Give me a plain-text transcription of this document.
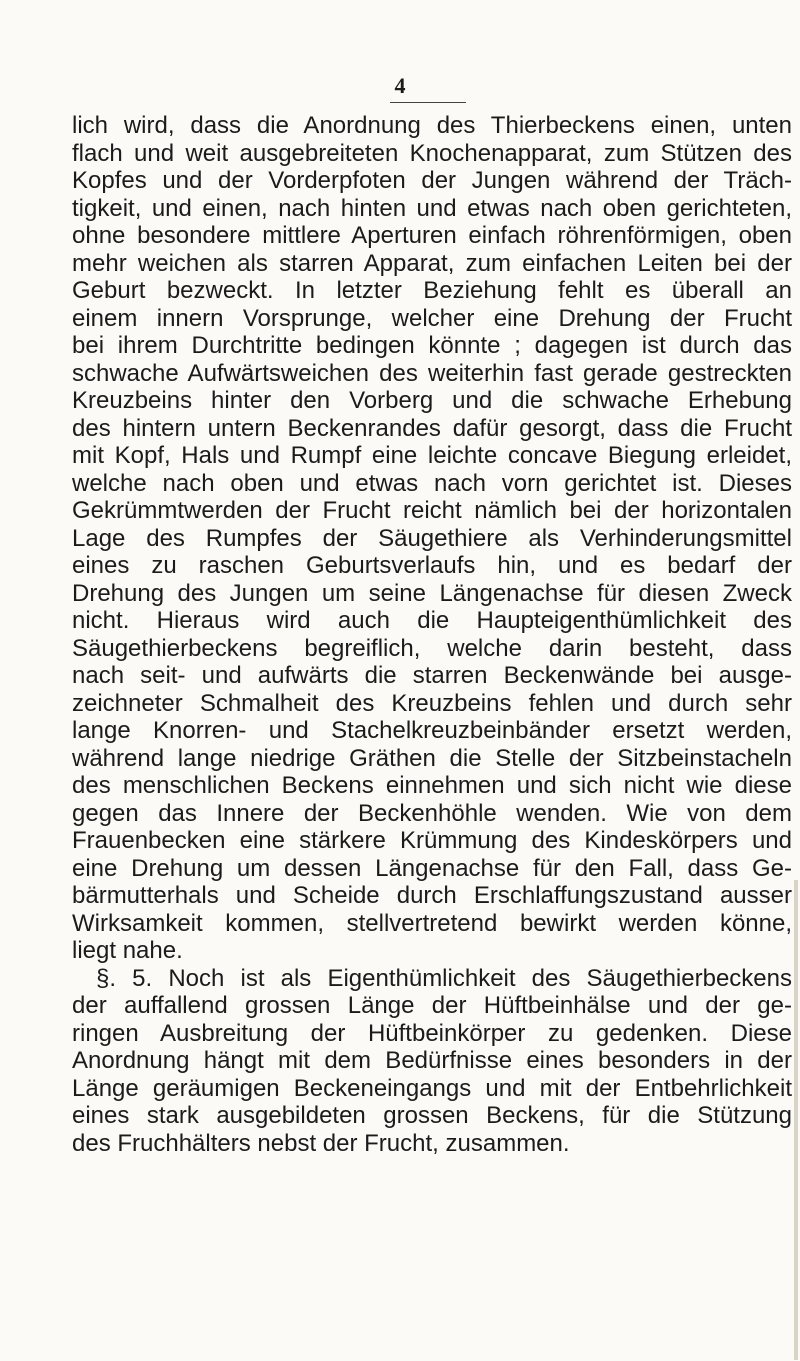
4
lich wird, dass die Anordnung des Thierbeckens einen, unten
flach und weit ausgebreiteten Knochenapparat, zum Stützen des
Kopfes und der Vorderpfoten der Jungen während der Träch-
tigkeit, und einen, nach hinten und etwas nach oben gerichteten,
ohne besondere mittlere Aperturen einfach röhrenförmigen, oben
mehr weichen als starren Apparat, zum einfachen Leiten bei der
Geburt bezweckt. In letzter Beziehung fehlt es überall an
einem innern Vorsprunge, welcher eine Drehung der Frucht
bei ihrem Durchtritte bedingen könnte ; dagegen ist durch das
schwache Aufwärtsweichen des weiterhin fast gerade gestreckten
Kreuzbeins hinter den Vorberg und die schwache Erhebung
des hintern untern Beckenrandes dafür gesorgt, dass die Frucht
mit Kopf, Hals und Rumpf eine leichte concave Biegung erleidet,
welche nach oben und etwas nach vorn gerichtet ist. Dieses
Gekrümmtwerden der Frucht reicht nämlich bei der horizontalen
Lage des Rumpfes der Säugethiere als Verhinderungsmittel
eines zu raschen Geburtsverlaufs hin, und es bedarf der
Drehung des Jungen um seine Längenachse für diesen Zweck
nicht. Hieraus wird auch die Haupteigenthümlichkeit des
Säugethierbeckens begreiflich, welche darin besteht, dass
nach seit- und aufwärts die starren Beckenwände bei ausge-
zeichneter Schmalheit des Kreuzbeins fehlen und durch sehr
lange Knorren- und Stachelkreuzbeinbänder ersetzt werden,
während lange niedrige Gräthen die Stelle der Sitzbeinstacheln
des menschlichen Beckens einnehmen und sich nicht wie diese
gegen das Innere der Beckenhöhle wenden. Wie von dem
Frauenbecken eine stärkere Krümmung des Kindeskörpers und
eine Drehung um dessen Längenachse für den Fall, dass Ge-
bärmutterhals und Scheide durch Erschlaffungszustand ausser
Wirksamkeit kommen, stellvertretend bewirkt werden könne,
liegt nahe.
§. 5. Noch ist als Eigenthümlichkeit des Säugethierbeckens
der auffallend grossen Länge der Hüftbeinhälse und der ge-
ringen Ausbreitung der Hüftbeinkörper zu gedenken. Diese
Anordnung hängt mit dem Bedürfnisse eines besonders in der
Länge geräumigen Beckeneingangs und mit der Entbehrlichkeit
eines stark ausgebildeten grossen Beckens, für die Stützung
des Fruchhälters nebst der Frucht, zusammen.
